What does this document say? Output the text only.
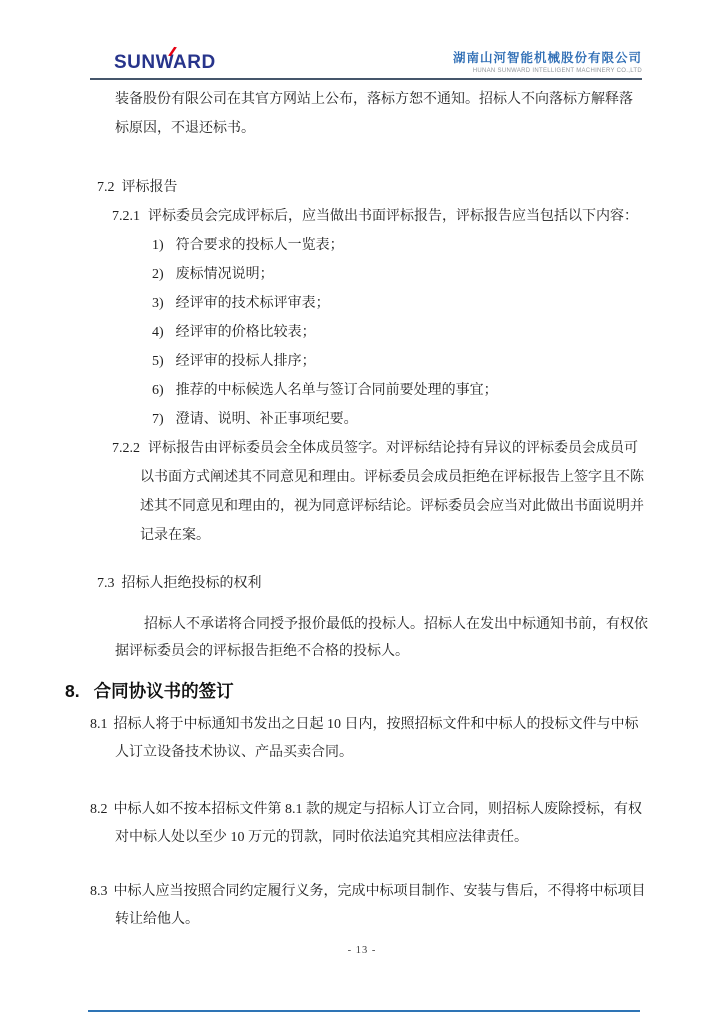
SUNWARD	湖南山河智能机械股份有限公司
HUNAN SUNWARD INTELLIGENT MACHINERY CO.,LTD

装备股份有限公司在其官方网站上公布，落标方恕不通知。招标人不向落标方解释落标原因，不退还标书。

7.2 评标报告
7.2.1 评标委员会完成评标后，应当做出书面评标报告，评标报告应当包括以下内容：
1) 符合要求的投标人一览表；
2) 废标情况说明；
3) 经评审的技术标评审表；
4) 经评审的价格比较表；
5) 经评审的投标人排序；
6) 推荐的中标候选人名单与签订合同前要处理的事宜；
7) 澄请、说明、补正事项纪要。
7.2.2 评标报告由评标委员会全体成员签字。对评标结论持有异议的评标委员会成员可以书面方式阐述其不同意见和理由。评标委员会成员拒绝在评标报告上签字且不陈述其不同意见和理由的，视为同意评标结论。评标委员会应当对此做出书面说明并记录在案。
7.3 招标人拒绝投标的权利

招标人不承诺将合同授予报价最低的投标人。招标人在发出中标通知书前，有权依据评标委员会的评标报告拒绝不合格的投标人。

8. 合同协议书的签订
8.1 招标人将于中标通知书发出之日起 10 日内，按照招标文件和中标人的投标文件与中标人订立设备技术协议、产品买卖合同。
8.2 中标人如不按本招标文件第 8.1 款的规定与招标人订立合同，则招标人废除授标，有权对中标人处以至少 10 万元的罚款，同时依法追究其相应法律责任。
8.3 中标人应当按照合同约定履行义务，完成中标项目制作、安装与售后，不得将中标项目转让给他人。
- 13 -
